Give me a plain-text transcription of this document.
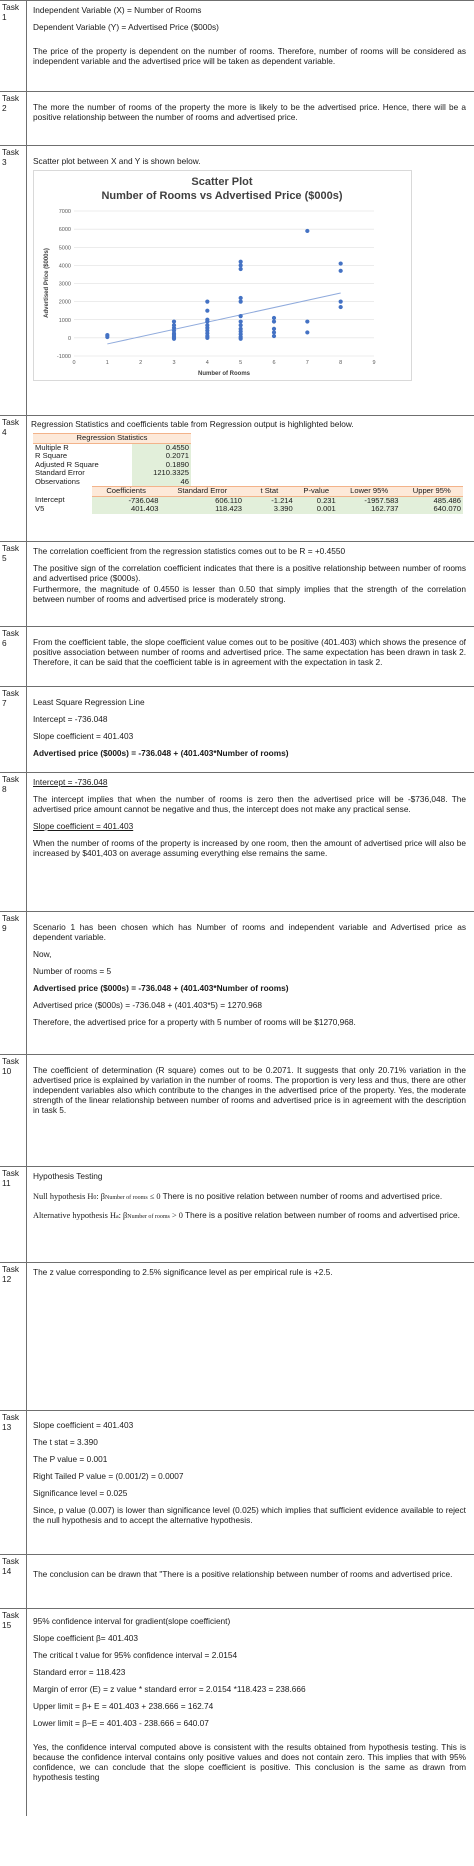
Task 1

Independent Variable (X) = Number of Rooms

Dependent Variable (Y) = Advertised Price ($000s)

The price of the property is dependent on the number of rooms. Therefore, number of rooms will be considered as independent variable and the advertised price will be taken as dependent variable.

Task 2	The more the number of rooms of the property the more is likely to be the advertised price. Hence, there will be a positive relationship between the number of rooms and advertised price.

Task 3	Scatter plot between X and Y is shown below.

Scatter Plot
Number of Rooms vs Advertised Price ($000s)
-1000
0
1000
2000
3000
4000
5000
6000
7000
0	1	2	3	4	5	6	7	8	9
Number of Rooms
Advertised Price ($000s)
Task 4

Regression Statistics and coefficients table from Regression output is highlighted below.

Regression Statistics	
Multiple R	0.4550
R Square	0.2071
Adjusted R Square	0.1890
Standard Error	1210.3325
Observations	46
	Coefficients	Standard Error	t Stat	P-value	Lower 95%	Upper 95%
Intercept	-736.048	606.110	-1.214	0.231	-1957.583	485.486
V5	401.403	118.423	3.390	0.001	162.737	640.070
Task 5

The correlation coefficient from the regression statistics comes out to be R = +0.4550

The positive sign of the correlation coefficient indicates that there is a positive relationship between number of rooms and advertised price ($000s).

Furthermore, the magnitude of 0.4550 is lesser than 0.50 that simply implies that the strength of the correlation between number of rooms and advertised price is moderately strong.

Task 6	From the coefficient table, the slope coefficient value comes out to be positive (401.403) which shows the presence of positive association between number of rooms and advertised price. The same expectation has been drawn in task 2. Therefore, it can be said that the coefficient table is in agreement with the expectation in task 2.

Task 7	Least Square Regression Line

Intercept = -736.048

Slope coefficient = 401.403

Advertised price ($000s) = -736.048 + (401.403*Number of rooms)

Task 8

Intercept = -736.048

The intercept implies that when the number of rooms is zero then the advertised price will be -$736,048. The advertised price amount cannot be negative and thus, the intercept does not make any practical sense.

Slope coefficient = 401.403

When the number of rooms of the property is increased by one room, then the amount of advertised price will also be increased by $401,403 on average assuming everything else remains the same.

Task 9	Scenario 1 has been chosen which has Number of rooms and independent variable and Advertised price as dependent variable.

Now,

Number of rooms = 5

Advertised price ($000s) = -736.048 + (401.403*Number of rooms)

Advertised price ($000s) = -736.048 + (401.403*5) = 1270.968

Therefore, the advertised price for a property with 5 number of rooms will be $1270,968.

Task 10	The coefficient of determination (R square) comes out to be 0.2071. It suggests that only 20.71% variation in the advertised price is explained by variation in the number of rooms. The proportion is very less and thus, there are other independent variables also which contribute to the changes in the advertised price of the property. Yes, the moderate strength of the linear relationship between number of rooms and advertised price is in agreement with the description in task 5.

Task 11

Hypothesis Testing

Null hypothesis H0: βNumber of rooms ≤ 0 There is no positive relation between number of rooms and advertised price.

Alternative hypothesis Ha: βNumber of rooms > 0 There is a positive relation between number of rooms and advertised price.

Task 12

The z value corresponding to 2.5% significance level as per empirical rule is +2.5.

Task 13	Slope coefficient = 401.403

The t stat = 3.390

The P value = 0.001

Right Tailed P value = (0.001/2) = 0.0007

Significance level = 0.025

Since, p value (0.007) is lower than significance level (0.025) which implies that sufficient evidence available to reject the null hypothesis and to accept the alternative hypothesis.

Task 14	The conclusion can be drawn that "There is a positive relationship between number of rooms and advertised price.

Task 15	95% confidence interval for gradient(slope coefficient)

Slope coefficient β= 401.403

The critical t value for 95% confidence interval = 2.0154

Standard error = 118.423

Margin of error (E) = z value * standard error = 2.0154 *118.423 = 238.666

Upper limit = β+ E = 401.403 + 238.666 = 162.74

Lower limit = β−E = 401.403 - 238.666 = 640.07

Yes, the confidence interval computed above is consistent with the results obtained from hypothesis testing. This is because the confidence interval contains only positive values and does not contain zero. This implies that with 95% confidence, we can conclude that the slope coefficient is positive. This conclusion is the same as drawn from hypothesis testing
